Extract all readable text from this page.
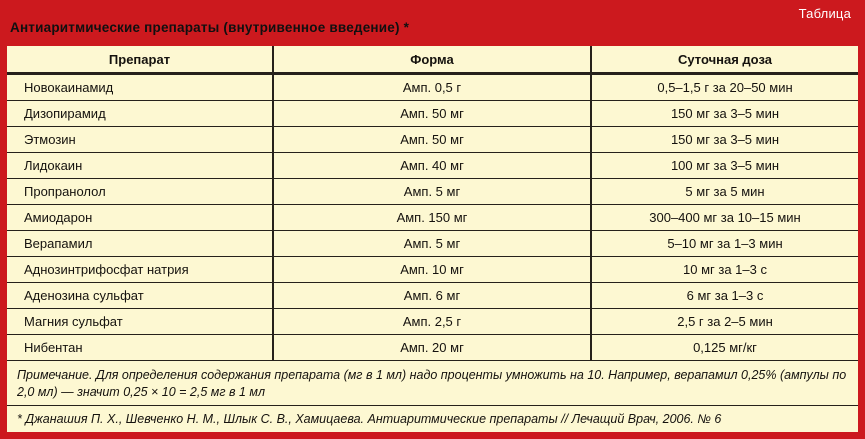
Таблица
Антиаритмические препараты (внутривенное введение) *
Препарат	Форма	Суточная доза
Новокаинамид	Амп. 0,5 г	0,5–1,5 г за 20–50 мин
Дизопирамид	Амп. 50 мг	150 мг за 3–5 мин
Этмозин	Амп. 50 мг	150 мг за 3–5 мин
Лидокаин	Амп. 40 мг	100 мг за 3–5 мин
Пропранолол	Амп. 5 мг	5 мг за 5 мин
Амиодарон	Амп. 150 мг	300–400 мг за 10–15 мин
Верапамил	Амп. 5 мг	5–10 мг за 1–3 мин
Аднозинтрифосфат натрия	Амп. 10 мг	10 мг за 1–3 с
Аденозина сульфат	Амп. 6 мг	6 мг за 1–3 с
Магния сульфат	Амп. 2,5 г	2,5 г за 2–5 мин
Нибентан	Амп. 20 мг	0,125 мг/кг
Примечание. Для определения содержания препарата (мг в 1 мл) надо проценты умножить на 10. Например, верапамил 0,25% (ампулы по 2,0 мл) — значит 0,25 × 10 = 2,5 мг в 1 мл
* Джанашия П. Х., Шевченко Н. М., Шлык С. В., Хамицаева. Антиаритмические препараты // Лечащий Врач, 2006. № 6
